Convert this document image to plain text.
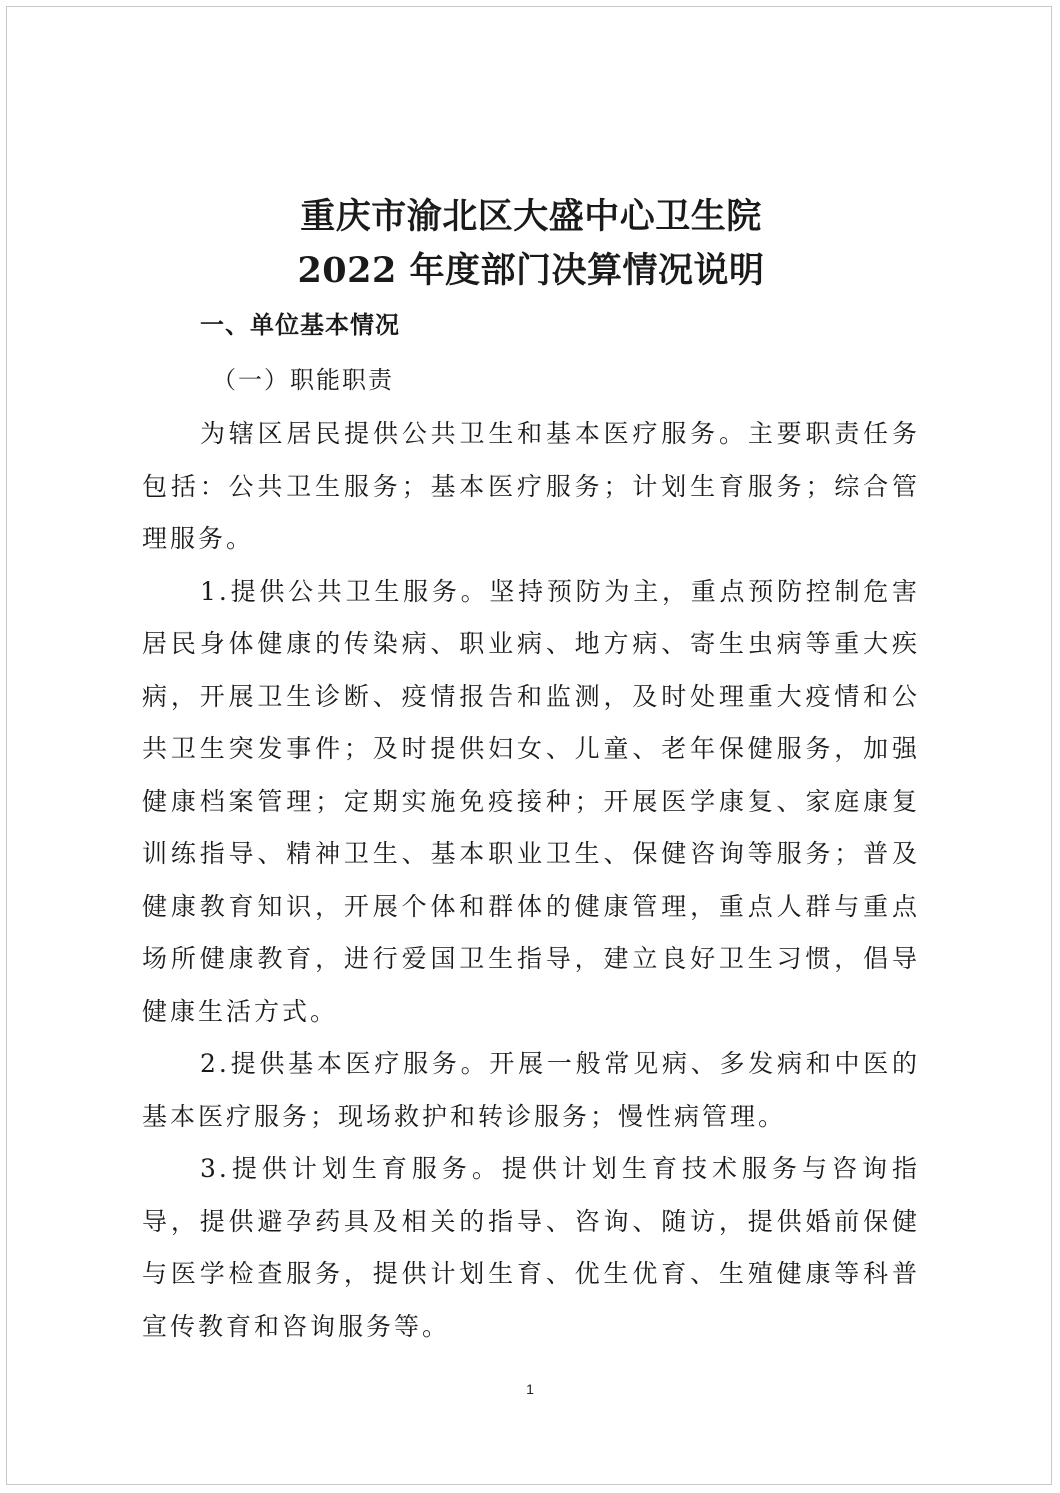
重庆市渝北区大盛中心卫生院
2022 年度部门决算情况说明

一、单位基本情况

（一）职能职责

为辖区居民提供公共卫生和基本医疗服务。主要职责任务包括：公共卫生服务；基本医疗服务；计划生育服务；综合管理服务。

1.提供公共卫生服务。坚持预防为主，重点预防控制危害居民身体健康的传染病、职业病、地方病、寄生虫病等重大疾病，开展卫生诊断、疫情报告和监测，及时处理重大疫情和公共卫生突发事件；及时提供妇女、儿童、老年保健服务，加强健康档案管理；定期实施免疫接种；开展医学康复、家庭康复训练指导、精神卫生、基本职业卫生、保健咨询等服务；普及健康教育知识，开展个体和群体的健康管理，重点人群与重点场所健康教育，进行爱国卫生指导，建立良好卫生习惯，倡导健康生活方式。

2.提供基本医疗服务。开展一般常见病、多发病和中医的基本医疗服务；现场救护和转诊服务；慢性病管理。

3.提供计划生育服务。提供计划生育技术服务与咨询指导，提供避孕药具及相关的指导、咨询、随访，提供婚前保健与医学检查服务，提供计划生育、优生优育、生殖健康等科普宣传教育和咨询服务等。

1
